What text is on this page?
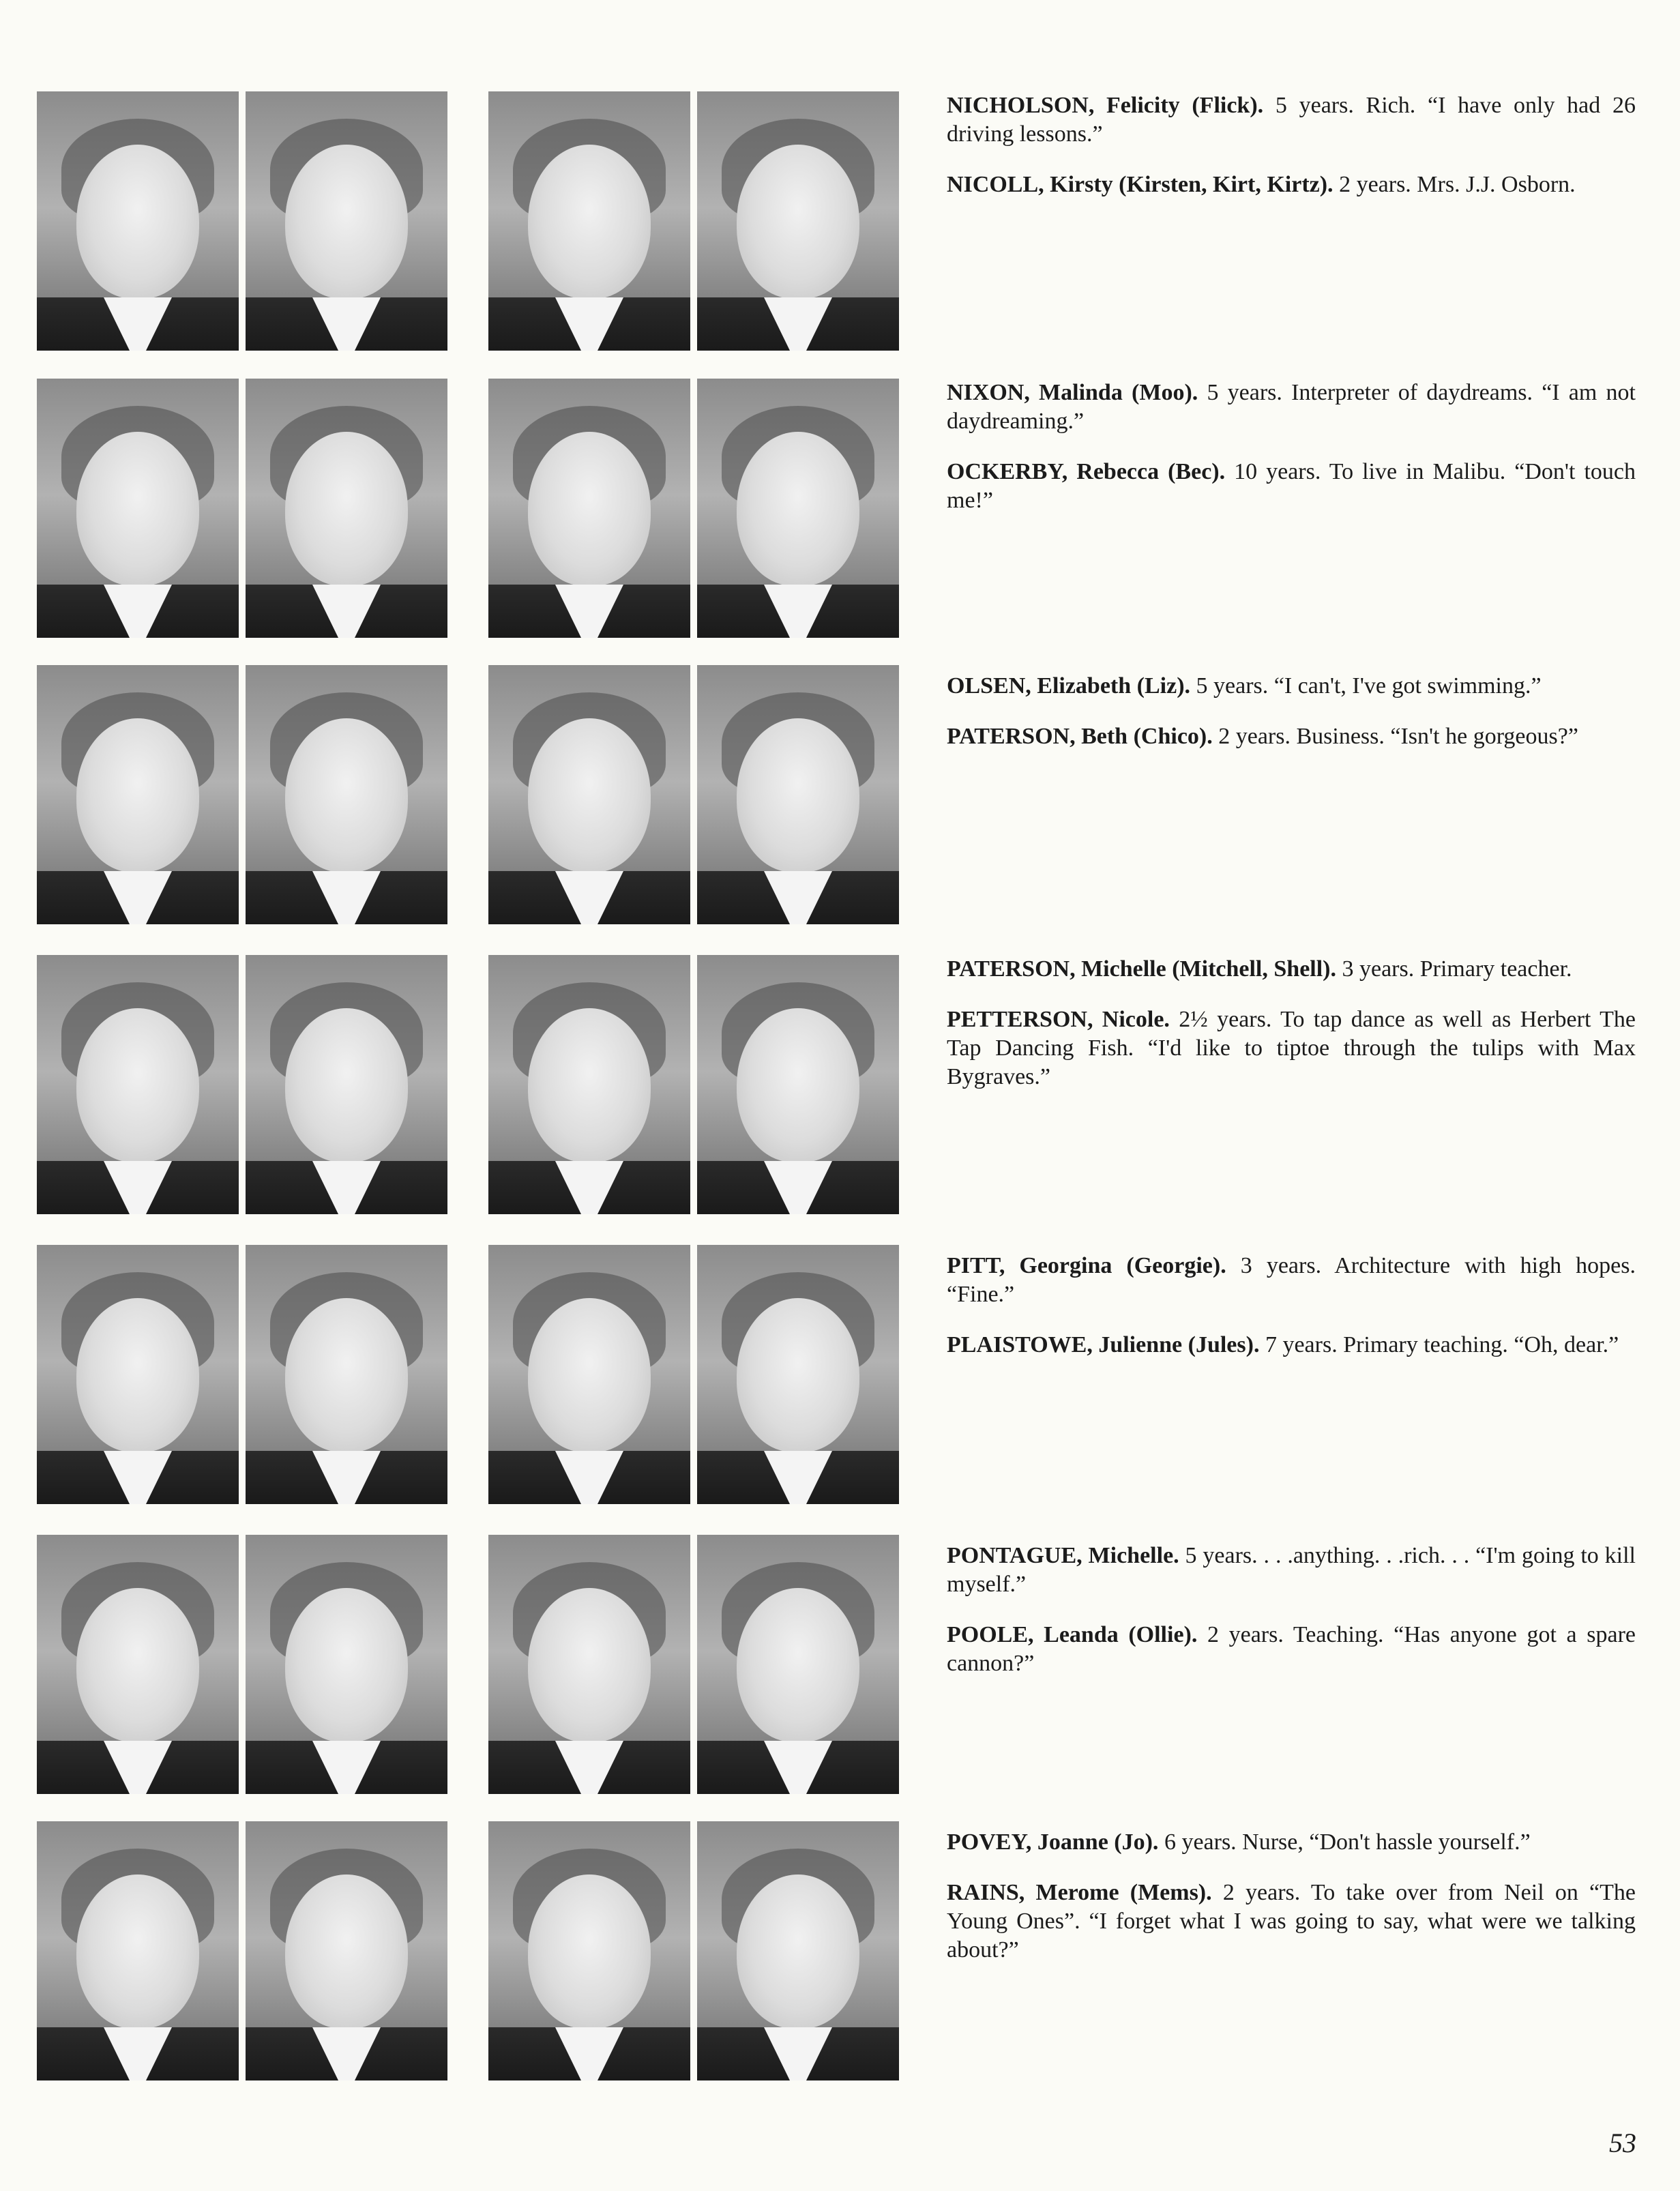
NICHOLSON, Felicity (Flick). 5 years. Rich. “I have only had 26 driving lessons.”

NICOLL, Kirsty (Kirsten, Kirt, Kirtz). 2 years. Mrs. J.J. Osborn.

NIXON, Malinda (Moo). 5 years. Interpreter of daydreams. “I am not daydreaming.”

OCKERBY, Rebecca (Bec). 10 years. To live in Malibu. “Don't touch me!”

OLSEN, Elizabeth (Liz). 5 years. “I can't, I've got swimming.”

PATERSON, Beth (Chico). 2 years. Business. “Isn't he gorgeous?”

PATERSON, Michelle (Mitchell, Shell). 3 years. Primary teacher.

PETTERSON, Nicole. 2½ years. To tap dance as well as Herbert The Tap Dancing Fish. “I'd like to tiptoe through the tulips with Max Bygraves.”

PITT, Georgina (Georgie). 3 years. Architecture with high hopes. “Fine.”

PLAISTOWE, Julienne (Jules). 7 years. Primary teaching. “Oh, dear.”

PONTAGUE, Michelle. 5 years. . . .anything. . .rich. . . “I'm going to kill myself.”

POOLE, Leanda (Ollie). 2 years. Teaching. “Has anyone got a spare cannon?”

POVEY, Joanne (Jo). 6 years. Nurse, “Don't hassle yourself.”

RAINS, Merome (Mems). 2 years. To take over from Neil on “The Young Ones”. “I forget what I was going to say, what were we talking about?”

53
